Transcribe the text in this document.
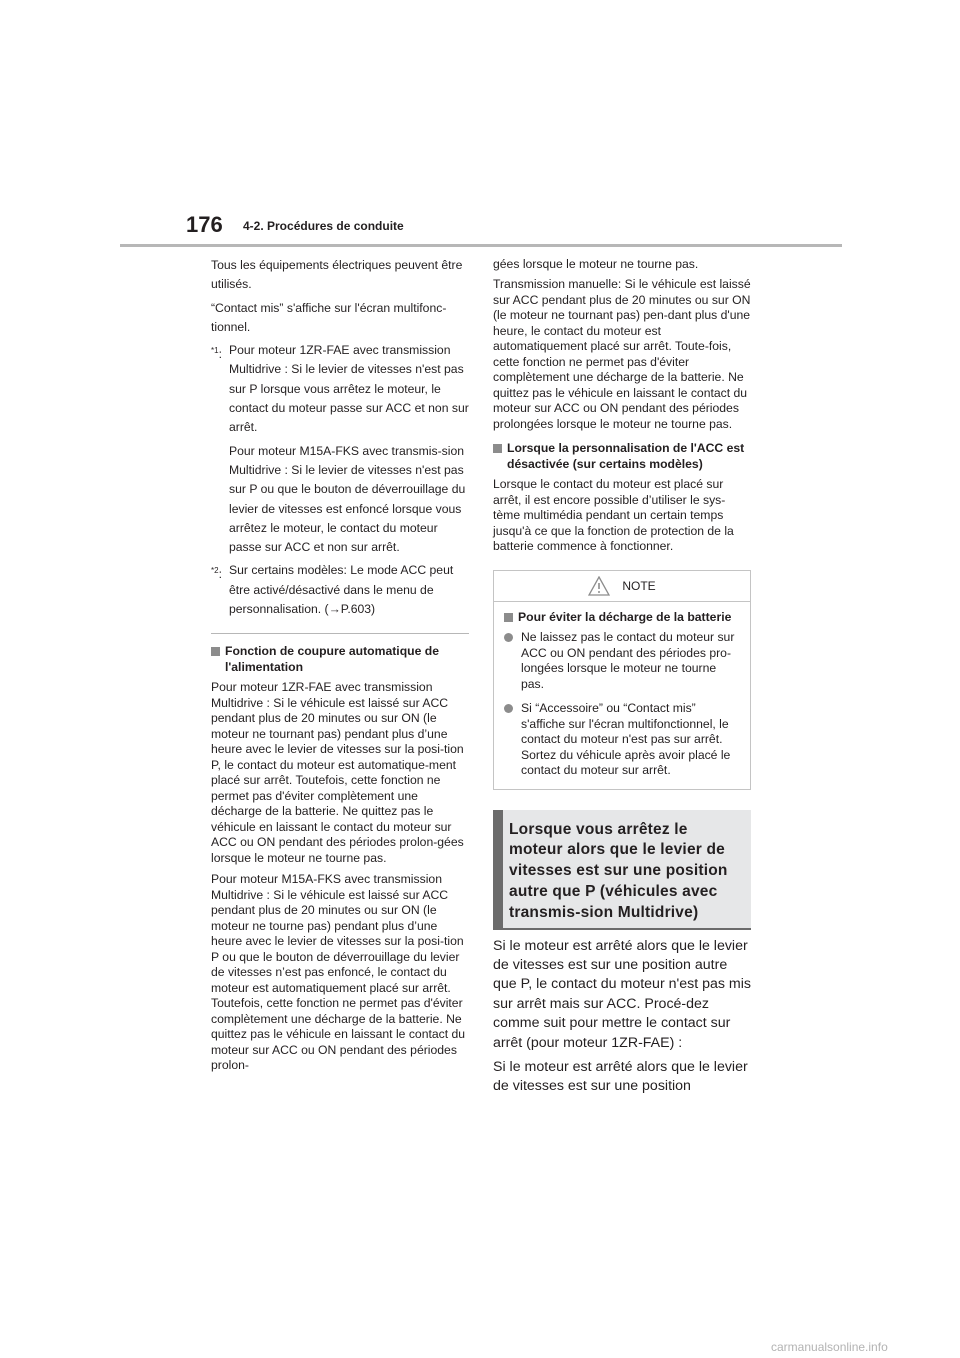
176 4-2. Procédures de conduite

Tous les équipements électriques peuvent être utilisés.

“Contact mis” s'affiche sur l'écran multifonc-tionnel.

$^{*1}$: Pour moteur 1ZR-FAE avec transmission Multidrive : Si le levier de vitesses n'est pas sur P lorsque vous arrêtez le moteur, le contact du moteur passe sur ACC et non sur arrêt.

Pour moteur M15A-FKS avec transmis-sion Multidrive : Si le levier de vitesses n'est pas sur P ou que le bouton de déverrouillage du levier de vitesses est enfoncé lorsque vous arrêtez le moteur, le contact du moteur passe sur ACC et non sur arrêt.

$^{*2}$: Sur certains modèles: Le mode ACC peut être activé/désactivé dans le menu de personnalisation. (→P.603)

Fonction de coupure automatique de l'alimentation

Pour moteur 1ZR-FAE avec transmission Multidrive : Si le véhicule est laissé sur ACC pendant plus de 20 minutes ou sur ON (le moteur ne tournant pas) pendant plus d’une heure avec le levier de vitesses sur la posi-tion P, le contact du moteur est automatique-ment placé sur arrêt. Toutefois, cette fonction ne permet pas d'éviter complètement une décharge de la batterie. Ne quittez pas le véhicule en laissant le contact du moteur sur ACC ou ON pendant des périodes prolon-gées lorsque le moteur ne tourne pas.

Pour moteur M15A-FKS avec transmission Multidrive : Si le véhicule est laissé sur ACC pendant plus de 20 minutes ou sur ON (le moteur ne tourne pas) pendant plus d’une heure avec le levier de vitesses sur la posi-tion P ou que le bouton de déverrouillage du levier de vitesses n’est pas enfoncé, le contact du moteur est automatiquement placé sur arrêt. Toutefois, cette fonction ne permet pas d'éviter complètement une décharge de la batterie. Ne quittez pas le véhicule en laissant le contact du moteur sur ACC ou ON pendant des périodes prolon-

gées lorsque le moteur ne tourne pas.

Transmission manuelle: Si le véhicule est laissé sur ACC pendant plus de 20 minutes ou sur ON (le moteur ne tournant pas) pen-dant plus d'une heure, le contact du moteur est automatiquement placé sur arrêt. Toute-fois, cette fonction ne permet pas d'éviter complètement une décharge de la batterie. Ne quittez pas le véhicule en laissant le contact du moteur sur ACC ou ON pendant des périodes prolongées lorsque le moteur ne tourne pas.

Lorsque la personnalisation de l'ACC est désactivée (sur certains modèles)

Lorsque le contact du moteur est placé sur arrêt, il est encore possible d’utiliser le sys-tème multimédia pendant un certain temps jusqu'à ce que la fonction de protection de la batterie commence à fonctionner.

NOTE
Pour éviter la décharge de la batterie
Ne laissez pas le contact du moteur sur ACC ou ON pendant des périodes pro-longées lorsque le moteur ne tourne pas.
Si “Accessoire” ou “Contact mis” s'affiche sur l'écran multifonctionnel, le contact du moteur n'est pas sur arrêt. Sortez du véhicule après avoir placé le contact du moteur sur arrêt.
Lorsque vous arrêtez le moteur alors que le levier de vitesses est sur une position autre que P (véhicules avec transmis-sion Multidrive)

Si le moteur est arrêté alors que le levier de vitesses est sur une position autre que P, le contact du moteur n'est pas mis sur arrêt mais sur ACC. Procé-dez comme suit pour mettre le contact sur arrêt (pour moteur 1ZR-FAE) :

Si le moteur est arrêté alors que le levier de vitesses est sur une position

carmanualsonline.info
